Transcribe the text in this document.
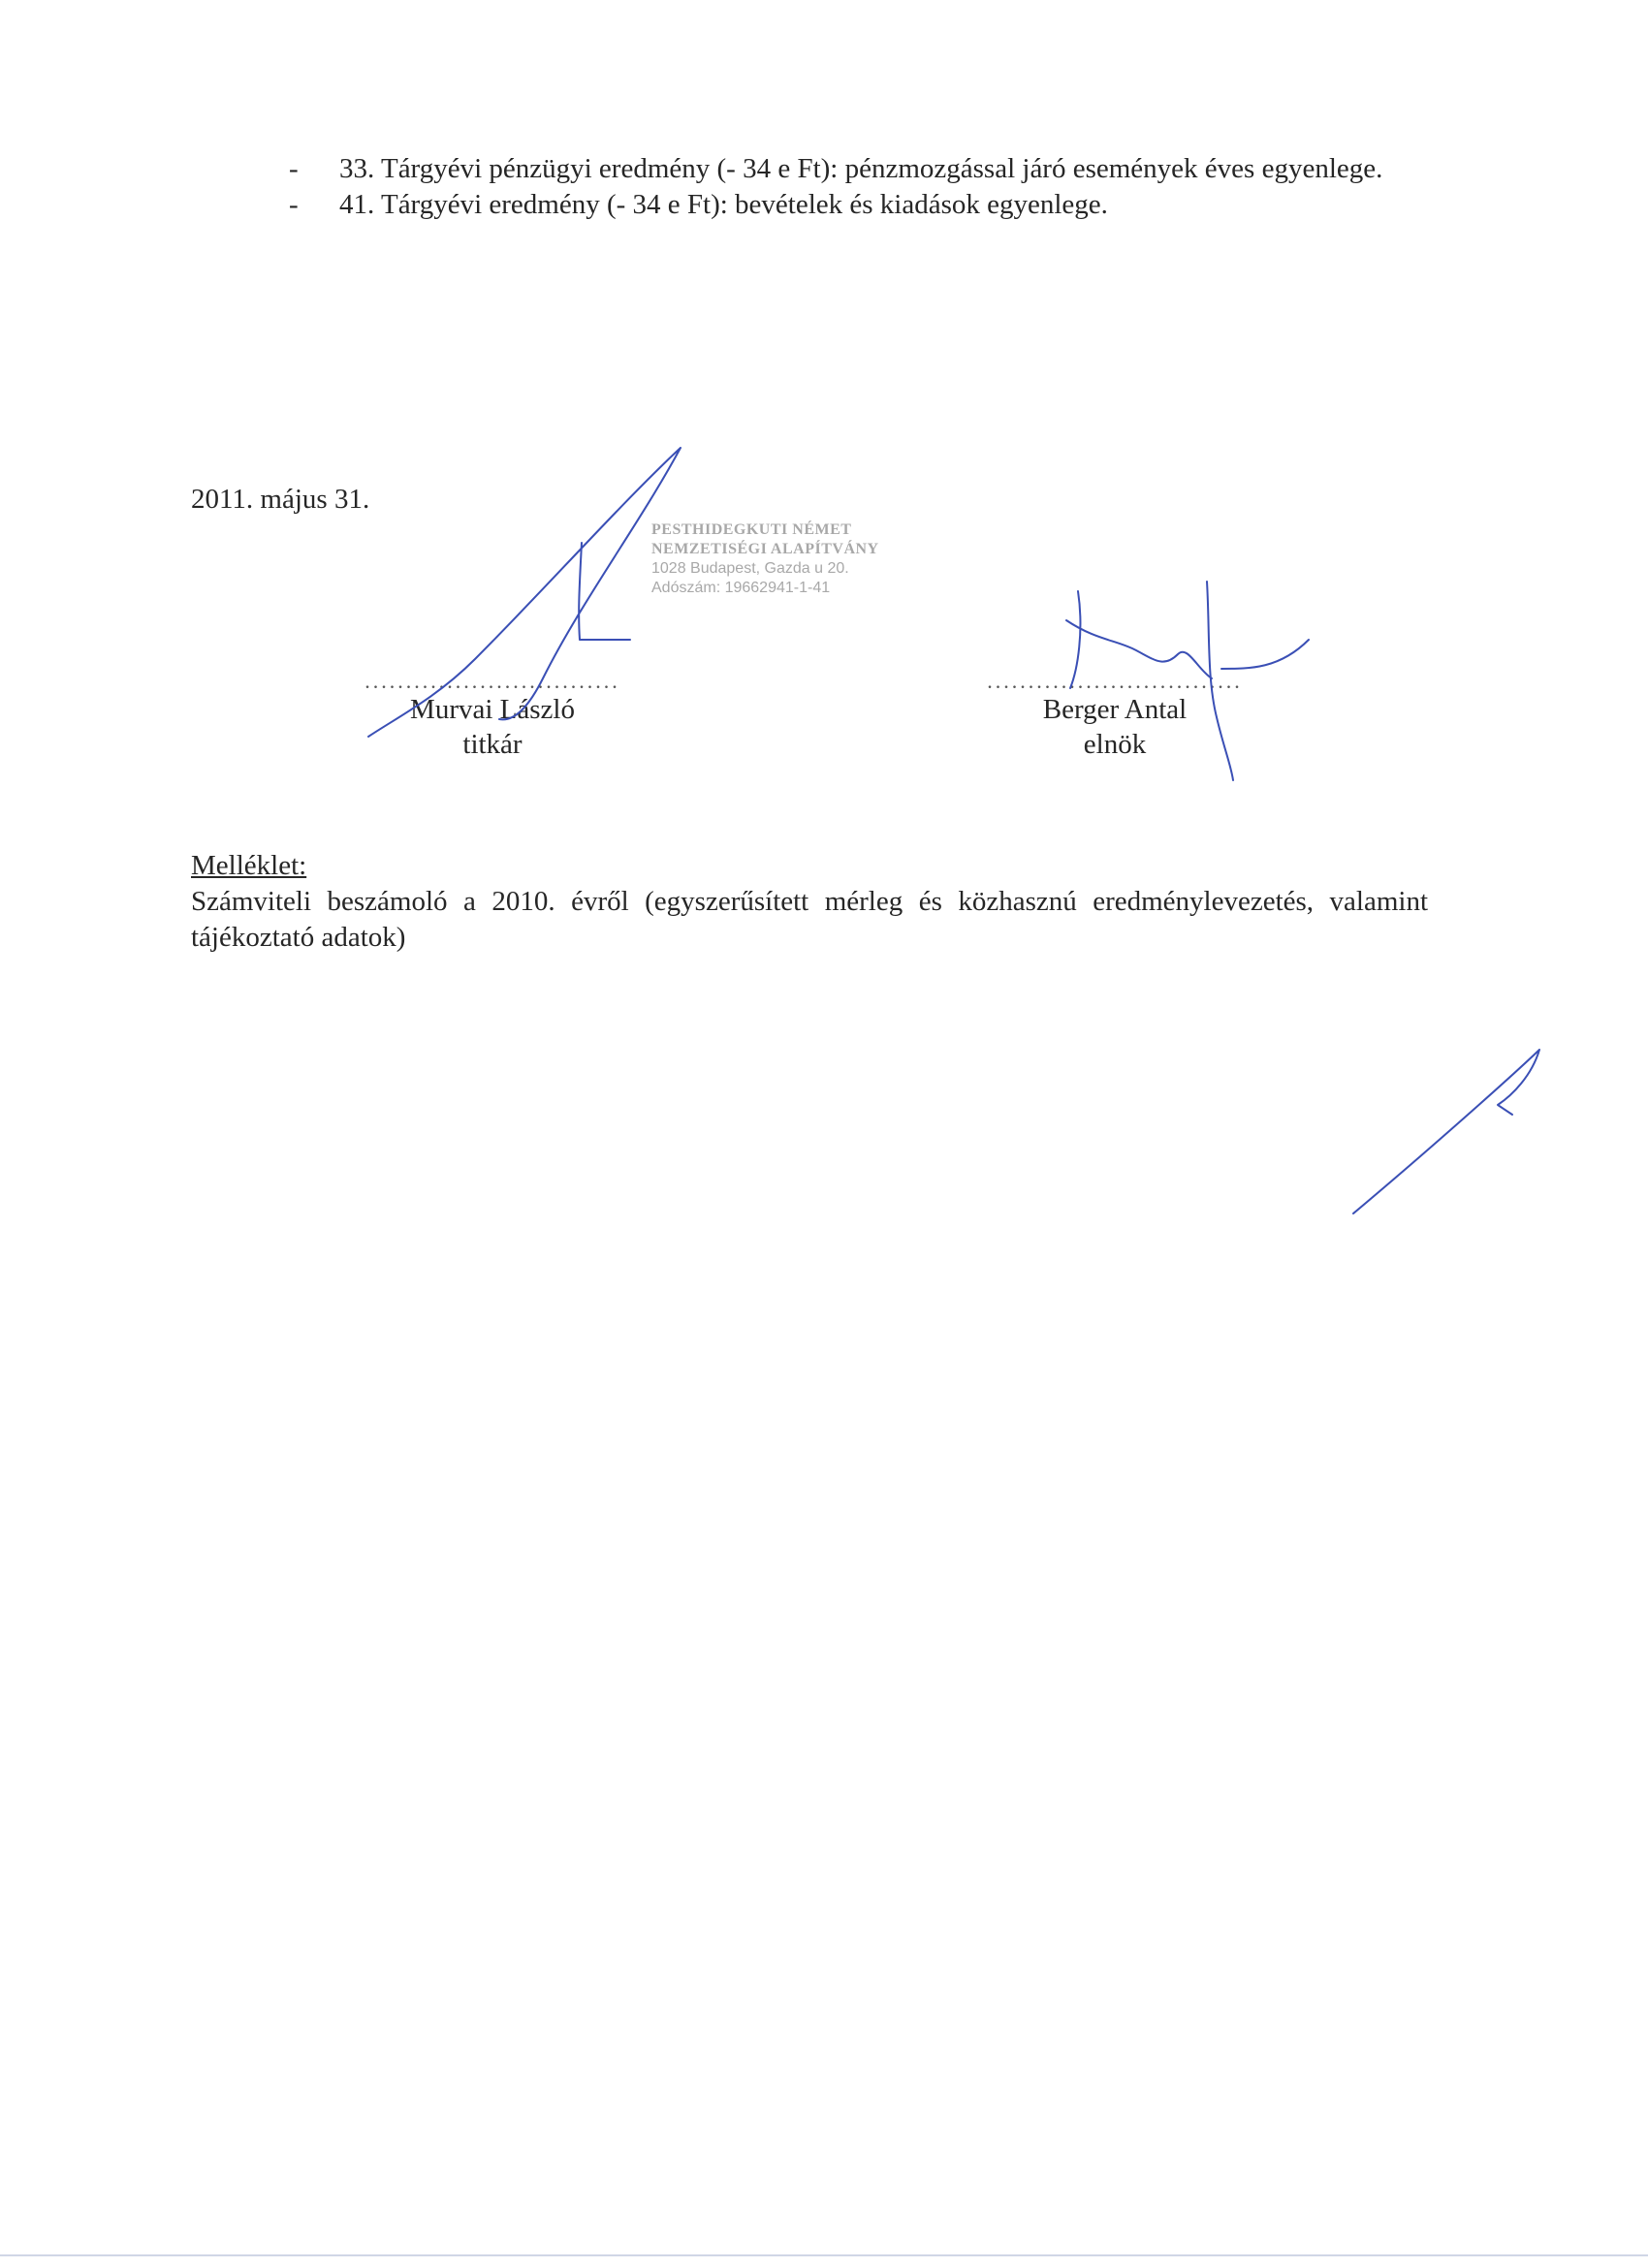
- 33. Tárgyévi pénzügyi eredmény (- 34 e Ft): pénzmozgással járó események éves egyenlege.
- 41. Tárgyévi eredmény (- 34 e Ft): bevételek és kiadások egyenlege.
2011. május 31.
PESTHIDEGKUTI NÉMET
NEMZETISÉGI ALAPÍTVÁNY
1028 Budapest, Gazda u 20.
Adószám: 19662941-1-41
...............................
Murvai László
titkár
...............................
Berger Antal
elnök
Melléklet:
Számviteli beszámoló a 2010. évről (egyszerűsített mérleg és közhasznú eredménylevezetés, valamint tájékoztató adatok)
